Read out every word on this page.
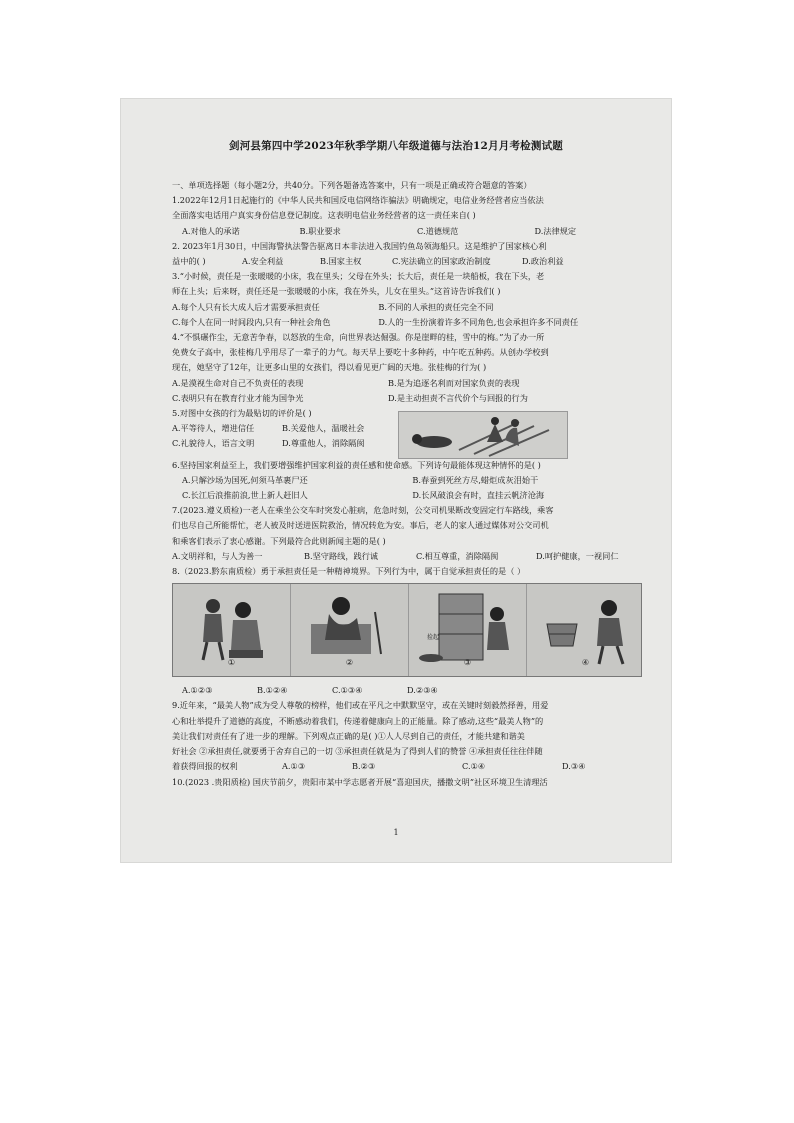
剑河县第四中学2023年秋季学期八年级道德与法治12月月考检测试题

一、单项选择题（每小题2分，共40分。下列各题备选答案中，只有一项是正确或符合题意的答案）

1.2022年12月1日起施行的《中华人民共和国反电信网络诈骗法》明确规定，电信业务经营者应当依法

全面落实电话用户真实身份信息登记制度。这表明电信业务经营者的这一责任来自( )

A.对他人的承诺	B.职业要求	C.道德规范	D.法律规定

2. 2023年1月30日，中国海警执法警告驱离日本非法进入我国钓鱼岛领海船只。这是维护了国家核心利

益中的( )	A.安全利益	B.国家主权	C.宪法确立的国家政治制度	D.政治利益

3.“小时候，责任是一张暖暖的小床，我在里头；父母在外头；长大后，责任是一块船板，我在下头，老

师在上头；后来呀，责任还是一张暖暖的小床，我在外头，儿女在里头。”这首诗告诉我们( )

A.每个人只有长大成人后才需要承担责任	B.不同的人承担的责任完全不同
C.每个人在同一时间段内,只有一种社会角色	D.人的一生扮演着许多不同角色,也会承担许多不同责任

4.“不惧碾作尘，无意苦争春，以怒放的生命，向世界表达倔强。你是崖畔的桂，雪中的梅。”为了办一所

免费女子高中，张桂梅几乎用尽了一辈子的力气。每天早上要吃十多种药，中午吃五种药。从创办学校到

现在，她坚守了12年，让更多山里的女孩们，得以看见更广阔的天地。张桂梅的行为( )

A.是漠视生命对自己不负责任的表现	B.是为追逐名利而对国家负责的表现
C.表明只有在教育行业才能为国争光	D.是主动担责不言代价个与回报的行为

5.对图中女孩的行为最贴切的评价是( )

A.平等待人，增进信任	B.关爱他人，温暖社会
C.礼貌待人，语言文明	D.尊重他人，消除隔阂

6.坚持国家利益至上，我们要增强维护国家利益的责任感和使命感。下列诗句最能体现这种情怀的是( )

A.只解沙场为国死,何须马革裹尸还	B.春蚕到死丝方尽,蜡炬成灰泪始干
C.长江后浪推前浪,世上新人赶旧人	D.长风破浪会有时，直挂云帆济沧海

7.(2023.遵义质检)一老人在乘坐公交车时突发心脏病，危急时刻，公交司机果断改变固定行车路线，乘客

们也尽自己所能帮忙，老人被及时送进医院救治，情况转危为安。事后，老人的家人通过媒体对公交司机

和乘客们表示了衷心感谢。下列最符合此则新闻主题的是( )

A.文明祥和，与人为善一	B.坚守路线，践行诚	C.相互尊重，消除隔阂	D.呵护健康，一视同仁

8.（2023.黔东南质检）勇于承担责任是一种精神境界。下列行为中，属于自觉承担责任的是（ ）

①	②
捡起
③	④
A.①②③	B.①②④	C.①③④	D.②③④

9.近年来，“最美人物”成为受人尊敬的榜样，他们或在平凡之中默默坚守，或在关键时刻毅然择善，用爱

心和壮举提升了道德的高度，不断感动着我们，传递着健康向上的正能量。除了感动,这些“最美人物”的

美让我们对责任有了进一步的理解。下列观点正确的是( )①人人尽到自己的责任，才能共建和谐美

好社会 ②承担责任,就要勇于舍弃自己的一切 ③承担责任就是为了得到人们的赞誉 ④承担责任往往伴随

着获得回报的权利	A.①③	B.②③	C.①④	D.③④

10.(2023 .贵阳质检) 国庆节前夕，贵阳市某中学志愿者开展“喜迎国庆，播撒文明”社区环境卫生清理活

1
